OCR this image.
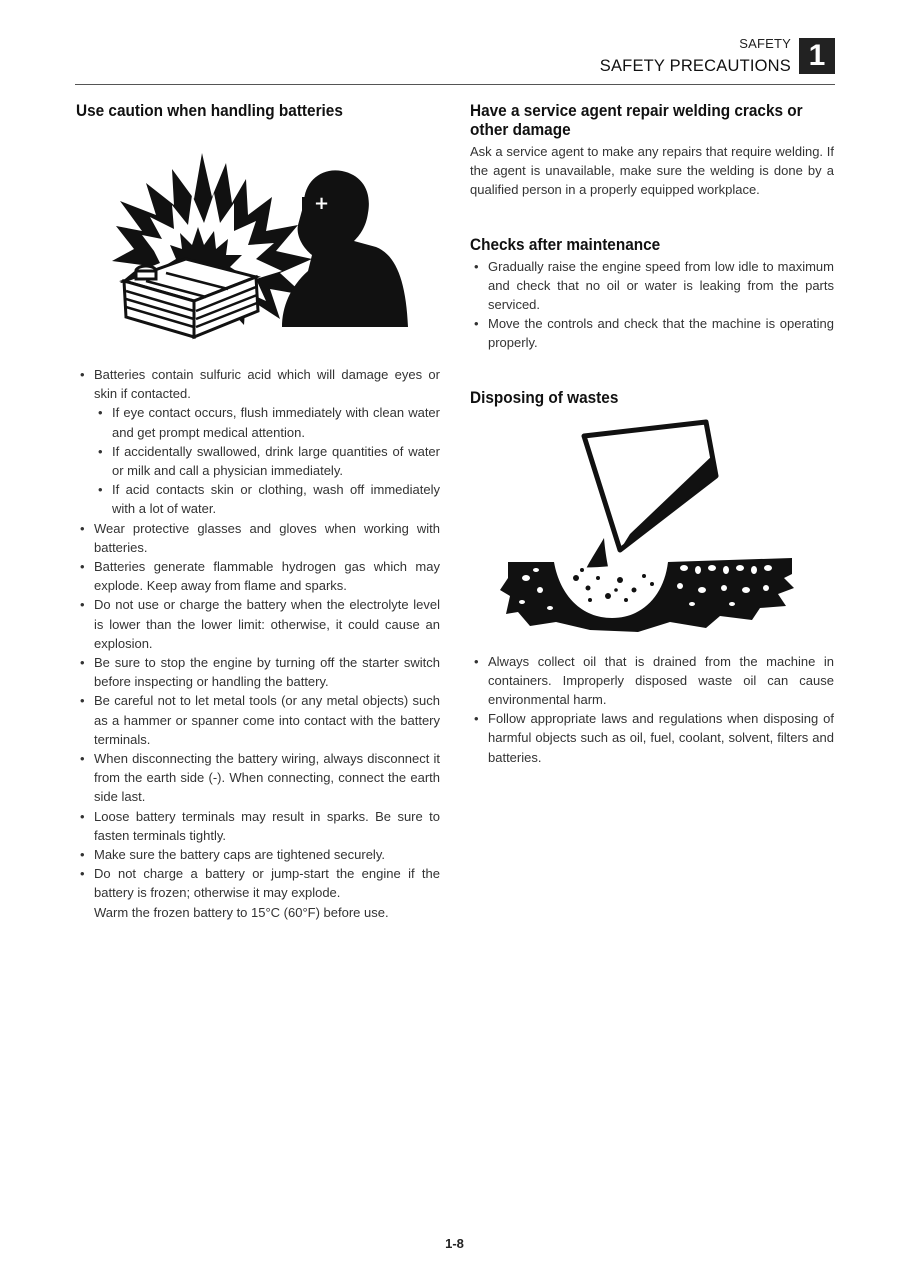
SAFETY
SAFETY PRECAUTIONS 1
Use caution when handling batteries
+
• Batteries contain sulfuric acid which will damage eyes or skin if contacted.
• If eye contact occurs, flush immediately with clean water and get prompt medical attention.
• If accidentally swallowed, drink large quantities of water or milk and call a physician immediately.
• If acid contacts skin or clothing, wash off immediately with a lot of water.
• Wear protective glasses and gloves when working with batteries.
• Batteries generate flammable hydrogen gas which may explode. Keep away from flame and sparks.
• Do not use or charge the battery when the electrolyte level is lower than the lower limit: otherwise, it could cause an explosion.
• Be sure to stop the engine by turning off the starter switch before inspecting or handling the battery.
• Be careful not to let metal tools (or any metal objects) such as a hammer or spanner come into contact with the battery terminals.
• When disconnecting the battery wiring, always disconnect it from the earth side (-). When connecting, connect the earth side last.
• Loose battery terminals may result in sparks. Be sure to fasten terminals tightly.
• Make sure the battery caps are tightened securely.
• Do not charge a battery or jump-start the engine if the battery is frozen; otherwise it may explode.
Warm the frozen battery to 15°C (60°F) before use.
Have a service agent repair welding cracks or other damage

Ask a service agent to make any repairs that require welding. If the agent is unavailable, make sure the welding is done by a qualified person in a properly equipped workplace.

Checks after maintenance
• Gradually raise the engine speed from low idle to maximum and check that no oil or water is leaking from the parts serviced.
• Move the controls and check that the machine is operating properly.
Disposing of wastes
• Always collect oil that is drained from the machine in containers. Improperly disposed waste oil can cause environmental harm.
• Follow appropriate laws and regulations when disposing of harmful objects such as oil, fuel, coolant, solvent, filters and batteries.
1-8
